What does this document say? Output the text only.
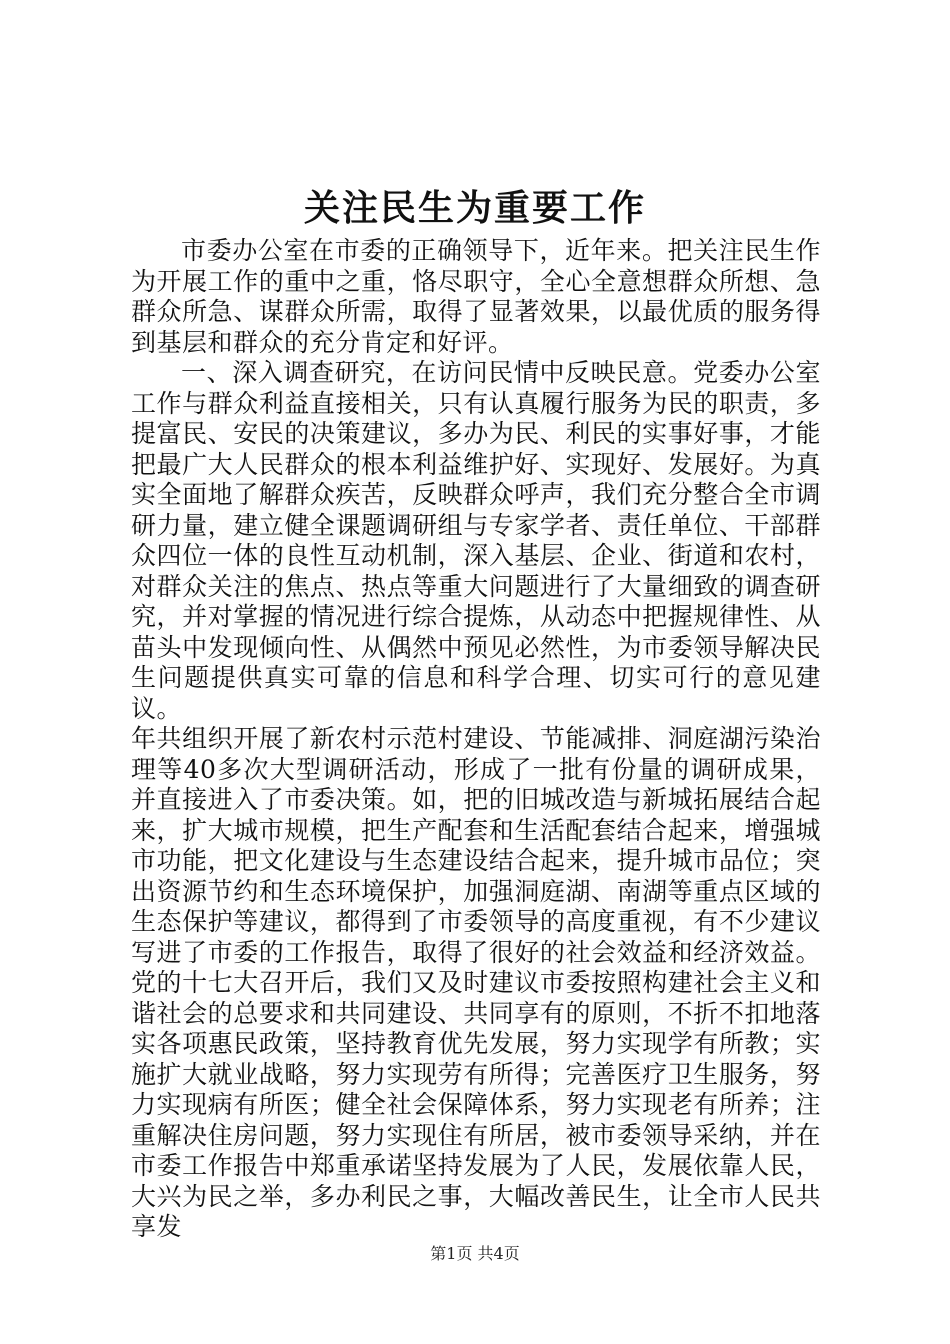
关注民生为重要工作

市委办公室在市委的正确领导下，近年来。把关注民生作为开展工作的重中之重，恪尽职守，全心全意想群众所想、急群众所急、谋群众所需，取得了显著效果，以最优质的服务得到基层和群众的充分肯定和好评。

一、深入调查研究，在访问民情中反映民意。党委办公室工作与群众利益直接相关，只有认真履行服务为民的职责，多提富民、安民的决策建议，多办为民、利民的实事好事，才能把最广大人民群众的根本利益维护好、实现好、发展好。为真实全面地了解群众疾苦，反映群众呼声，我们充分整合全市调研力量，建立健全课题调研组与专家学者、责任单位、干部群众四位一体的良性互动机制，深入基层、企业、街道和农村，对群众关注的焦点、热点等重大问题进行了大量细致的调查研究，并对掌握的情况进行综合提炼，从动态中把握规律性、从苗头中发现倾向性、从偶然中预见必然性，为市委领导解决民生问题提供真实可靠的信息和科学合理、切实可行的意见建议。

年共组织开展了新农村示范村建设、节能减排、洞庭湖污染治理等40多次大型调研活动，形成了一批有份量的调研成果，并直接进入了市委决策。如，把的旧城改造与新城拓展结合起来，扩大城市规模，把生产配套和生活配套结合起来，增强城市功能，把文化建设与生态建设结合起来，提升城市品位；突出资源节约和生态环境保护，加强洞庭湖、南湖等重点区域的生态保护等建议，都得到了市委领导的高度重视，有不少建议写进了市委的工作报告，取得了很好的社会效益和经济效益。党的十七大召开后，我们又及时建议市委按照构建社会主义和谐社会的总要求和共同建设、共同享有的原则，不折不扣地落实各项惠民政策，坚持教育优先发展，努力实现学有所教；实施扩大就业战略，努力实现劳有所得；完善医疗卫生服务，努力实现病有所医；健全社会保障体系，努力实现老有所养；注重解决住房问题，努力实现住有所居，被市委领导采纳，并在市委工作报告中郑重承诺坚持发展为了人民，发展依靠人民，大兴为民之举，多办利民之事，大幅改善民生，让全市人民共享发

第1页 共4页
